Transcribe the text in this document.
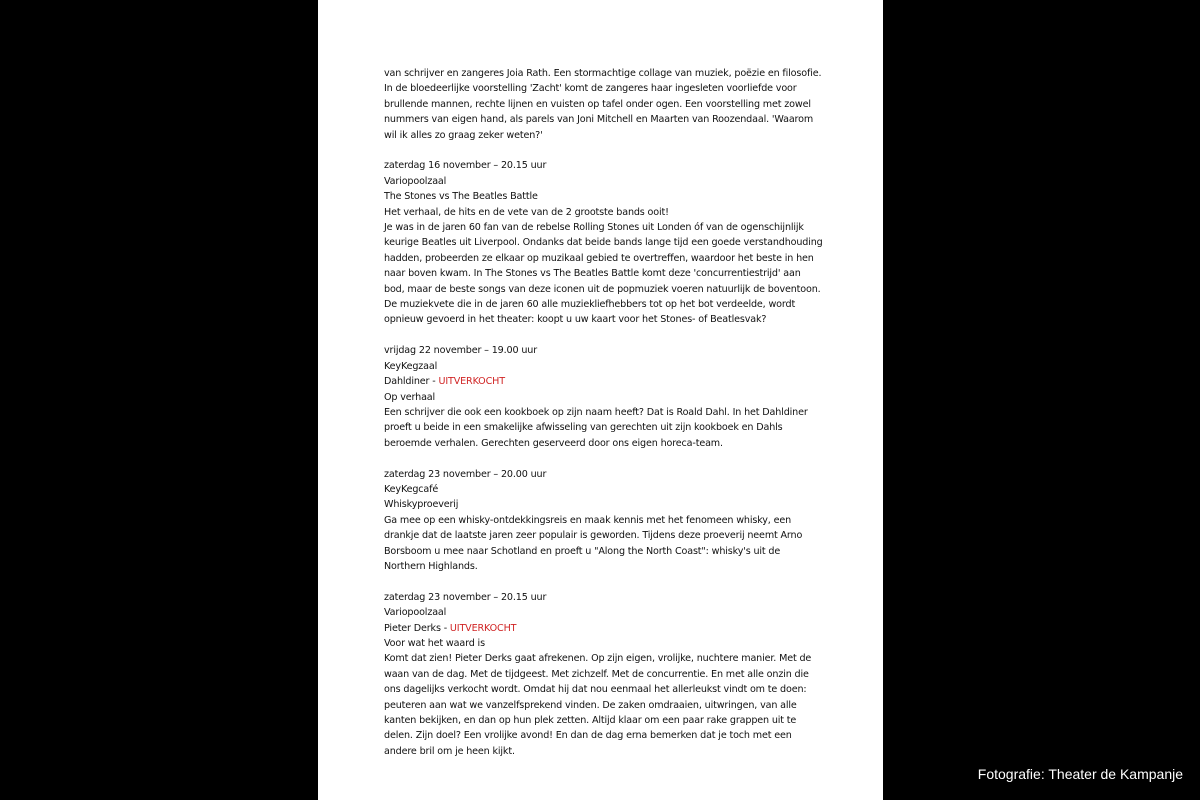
van schrijver en zangeres Joia Rath. Een stormachtige collage van muziek, poëzie en filosofie. In de bloedeerlijke voorstelling 'Zacht' komt de zangeres haar ingesleten voorliefde voor brullende mannen, rechte lijnen en vuisten op tafel onder ogen. Een voorstelling met zowel nummers van eigen hand, als parels van Joni Mitchell en Maarten van Roozendaal. 'Waarom wil ik alles zo graag zeker weten?'

zaterdag 16 november – 20.15 uur

Variopoolzaal

The Stones vs The Beatles Battle

Het verhaal, de hits en de vete van de 2 grootste bands ooit!

Je was in de jaren 60 fan van de rebelse Rolling Stones uit Londen óf van de ogenschijnlijk keurige Beatles uit Liverpool. Ondanks dat beide bands lange tijd een goede verstandhouding hadden, probeerden ze elkaar op muzikaal gebied te overtreffen, waardoor het beste in hen naar boven kwam. In The Stones vs The Beatles Battle komt deze 'concurrentiestrijd' aan bod, maar de beste songs van deze iconen uit de popmuziek voeren natuurlijk de boventoon. De muziekvete die in de jaren 60 alle muziekliefhebbers tot op het bot verdeelde, wordt opnieuw gevoerd in het theater: koopt u uw kaart voor het Stones- of Beatlesvak?

vrijdag 22 november – 19.00 uur

KeyKegzaal

Dahldiner - UITVERKOCHT

Op verhaal

Een schrijver die ook een kookboek op zijn naam heeft? Dat is Roald Dahl. In het Dahldiner proeft u beide in een smakelijke afwisseling van gerechten uit zijn kookboek en Dahls beroemde verhalen. Gerechten geserveerd door ons eigen horeca-team.

zaterdag 23 november – 20.00 uur

KeyKegcafé

Whiskyproeverij

Ga mee op een whisky-ontdekkingsreis en maak kennis met het fenomeen whisky, een drankje dat de laatste jaren zeer populair is geworden. Tijdens deze proeverij neemt Arno Borsboom u mee naar Schotland en proeft u "Along the North Coast": whisky's uit de Northern Highlands.

zaterdag 23 november – 20.15 uur

Variopoolzaal

Pieter Derks - UITVERKOCHT

Voor wat het waard is

Komt dat zien! Pieter Derks gaat afrekenen. Op zijn eigen, vrolijke, nuchtere manier. Met de waan van de dag. Met de tijdgeest. Met zichzelf. Met de concurrentie. En met alle onzin die ons dagelijks verkocht wordt. Omdat hij dat nou eenmaal het allerleukst vindt om te doen: peuteren aan wat we vanzelfsprekend vinden. De zaken omdraaien, uitwringen, van alle kanten bekijken, en dan op hun plek zetten. Altijd klaar om een paar rake grappen uit te delen. Zijn doel? Een vrolijke avond! En dan de dag erna bemerken dat je toch met een andere bril om je heen kijkt.

Fotografie: Theater de Kampanje
